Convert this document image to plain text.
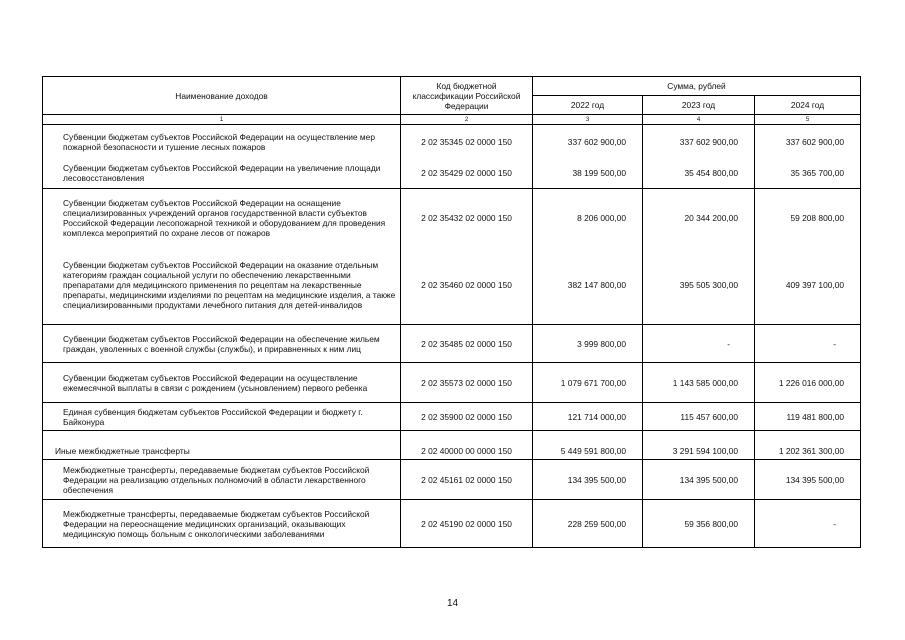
Наименование доходов	Код бюджетной классификации Российской Федерации	Сумма, рублей		
		2022 год	2023 год	2024 год
1	2	3	4	5
Субвенции бюджетам субъектов Российской Федерации на осуществление мер пожарной безопасности и тушение лесных пожаров	2 02 35345 02 0000 150	337 602 900,00	337 602 900,00	337 602 900,00
Субвенции бюджетам субъектов Российской Федерации на увеличение площади лесовосстановления	2 02 35429 02 0000 150	38 199 500,00	35 454 800,00	35 365 700,00
Субвенции бюджетам субъектов Российской Федерации на оснащение специализированных учреждений органов государственной власти субъектов Российской Федерации лесопожарной техникой и оборудованием для проведения комплекса мероприятий по охране лесов от пожаров	2 02 35432 02 0000 150	8 206 000,00	20 344 200,00	59 208 800,00
Субвенции бюджетам субъектов Российской Федерации на оказание отдельным категориям граждан социальной услуги по обеспечению лекарственными препаратами для медицинского применения по рецептам на лекарственные препараты, медицинскими изделиями по рецептам на медицинские изделия, а также специализированными продуктами лечебного питания для детей-инвалидов	2 02 35460 02 0000 150	382 147 800,00	395 505 300,00	409 397 100,00
Субвенции бюджетам субъектов Российской Федерации на обеспечение жильем граждан, уволенных с военной службы (службы), и приравненных к ним лиц	2 02 35485 02 0000 150	3 999 800,00	-	-
Субвенции бюджетам субъектов Российской Федерации на осуществление ежемесячной выплаты в связи с рождением (усыновлением) первого ребенка	2 02 35573 02 0000 150	1 079 671 700,00	1 143 585 000,00	1 226 016 000,00
Единая субвенция бюджетам субъектов Российской Федерации и бюджету г. Байконура	2 02 35900 02 0000 150	121 714 000,00	115 457 600,00	119 481 800,00

Иные межбюджетные трансферты	2 02 40000 00 0000 150	5 449 591 800,00	3 291 594 100,00	1 202 361 300,00
Межбюджетные трансферты, передаваемые бюджетам субъектов Российской Федерации на реализацию отдельных полномочий в области лекарственного обеспечения	2 02 45161 02 0000 150	134 395 500,00	134 395 500,00	134 395 500,00
Межбюджетные трансферты, передаваемые бюджетам субъектов Российской Федерации на переоснащение медицинских организаций, оказывающих медицинскую помощь больным с онкологическими заболеваниями	2 02 45190 02 0000 150	228 259 500,00	59 356 800,00	-
14
